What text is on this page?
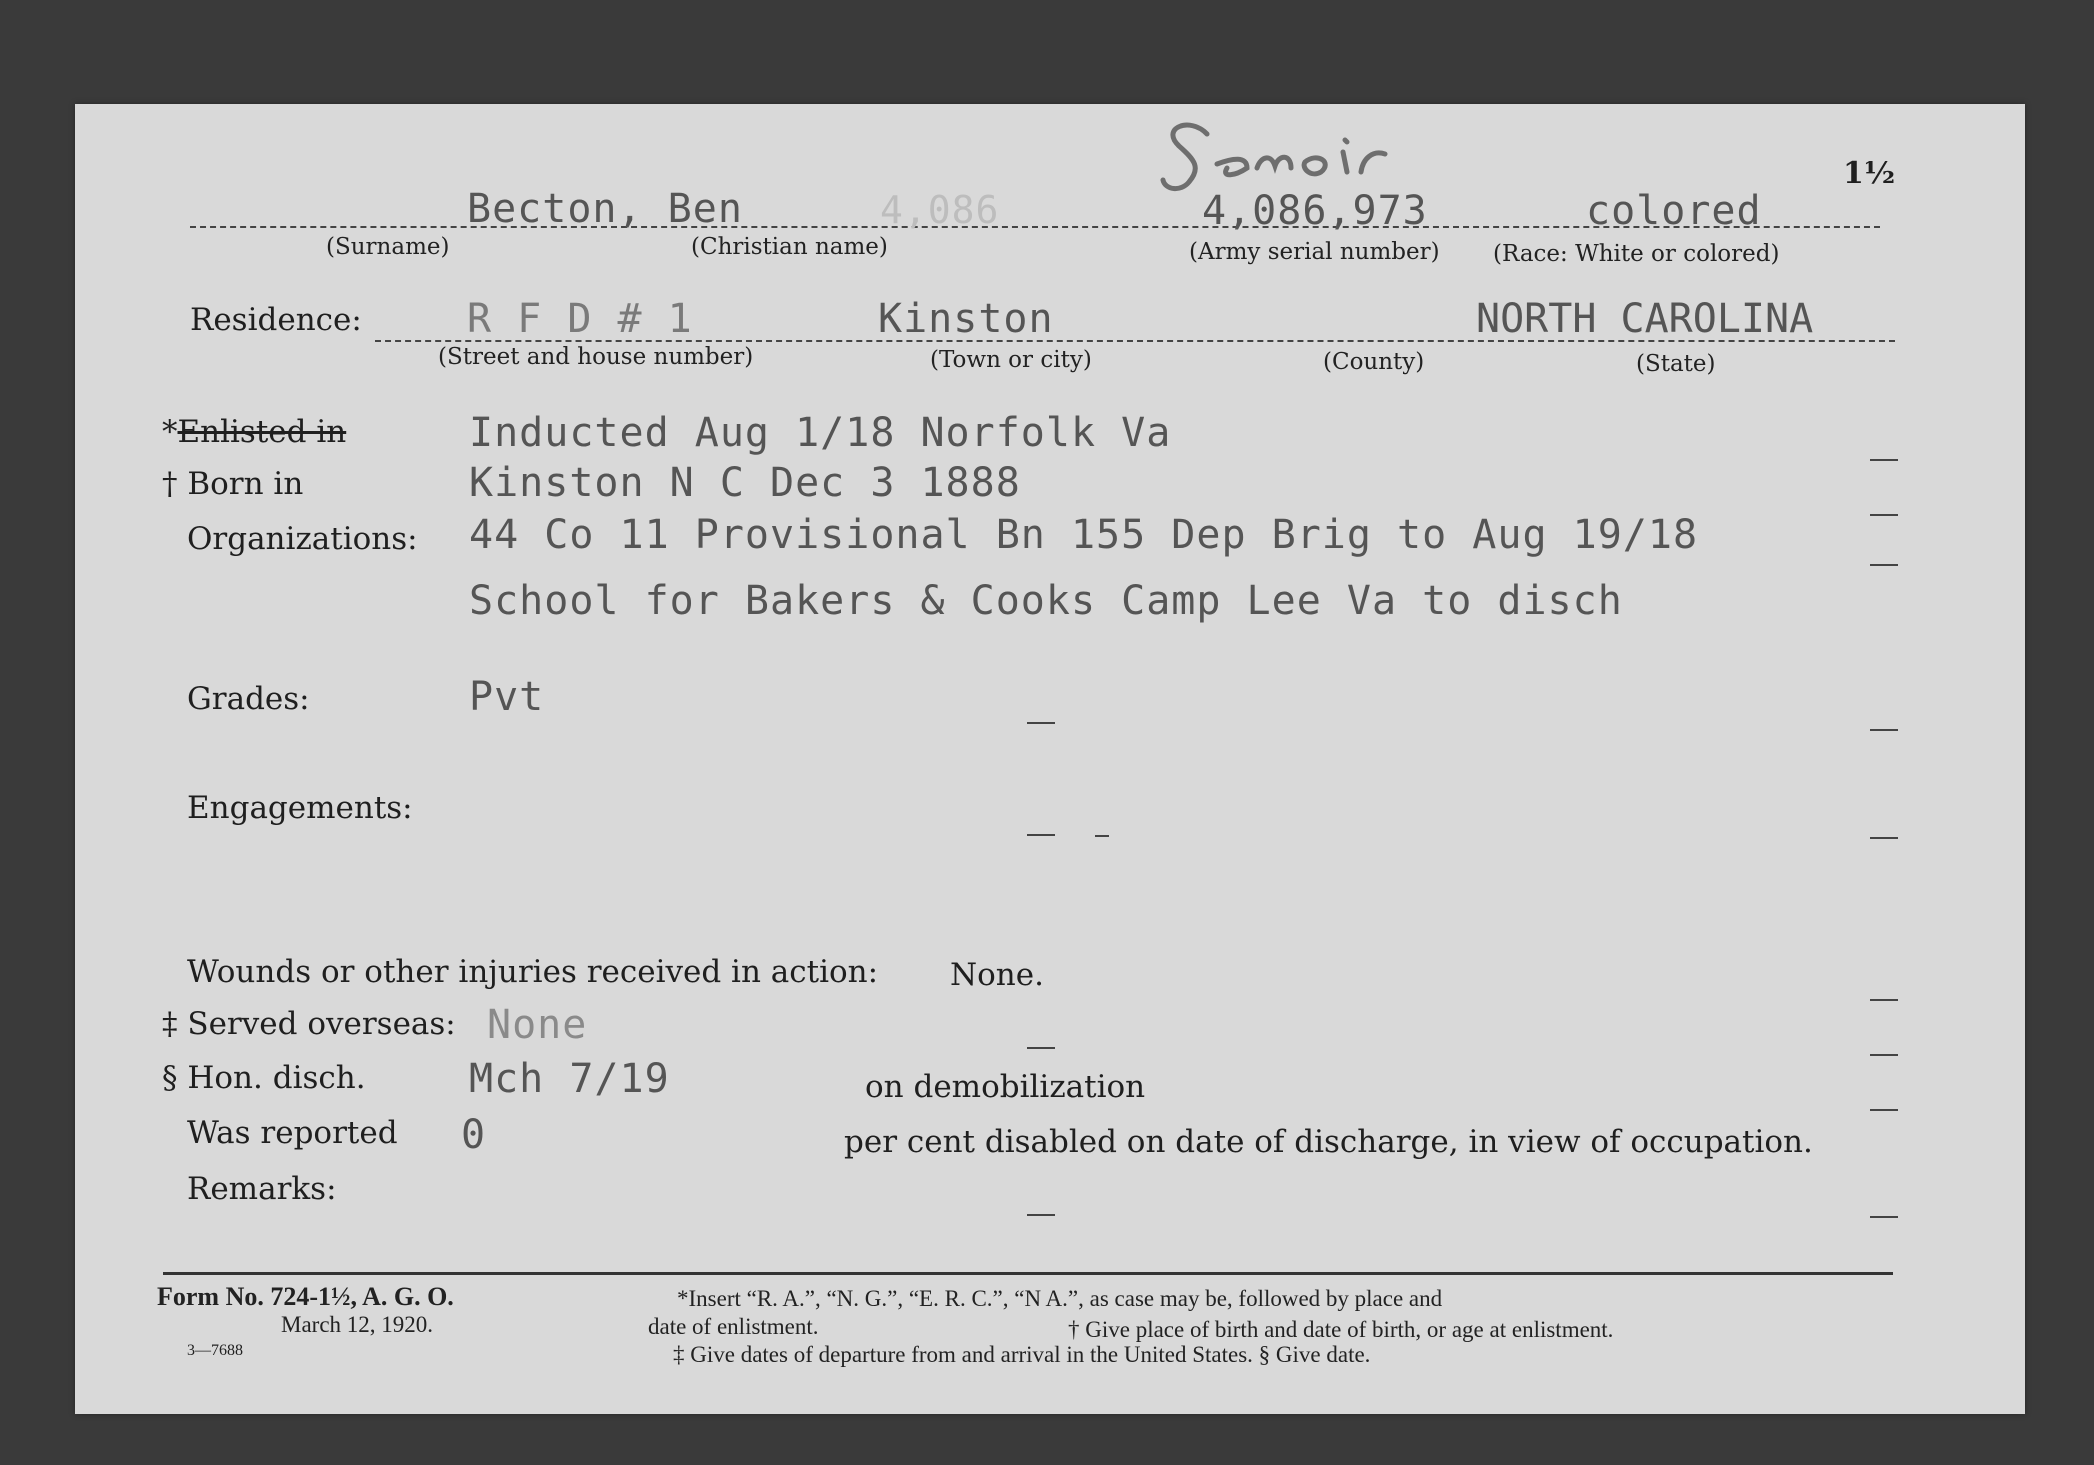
1½
Becton, Ben	4,086	4,086,973	colored
(Surname)	(Christian name)	(Army serial number) (Race: White or colored)
Residence:	R F D # 1	Kinston	NORTH CAROLINA
(Street and house number)	(Town or city)	(County)	(State)
*Enlisted in	Inducted Aug 1/18 Norfolk Va
† Born in	Kinston N C Dec 3 1888
Organizations: 44 Co 11 Provisional Bn 155 Dep Brig to Aug 19/18
School for Bakers & Cooks Camp Lee Va to disch
Grades:	Pvt
Engagements:
Wounds or other injuries received in action: None.
‡ Served overseas: None
§ Hon. disch.	Mch 7/19	on demobilization
Was reported 0	per cent disabled on date of discharge, in view of occupation.
Remarks:
Form No. 724-1½, A. G. O.
March 12, 1920.
3—7688
*Insert “R. A.”, “N. G.”, “E. R. C.”, “N A.”, as case may be, followed by place and
date of enlistment.	† Give place of birth and date of birth, or age at enlistment.
‡ Give dates of departure from and arrival in the United States. § Give date.
